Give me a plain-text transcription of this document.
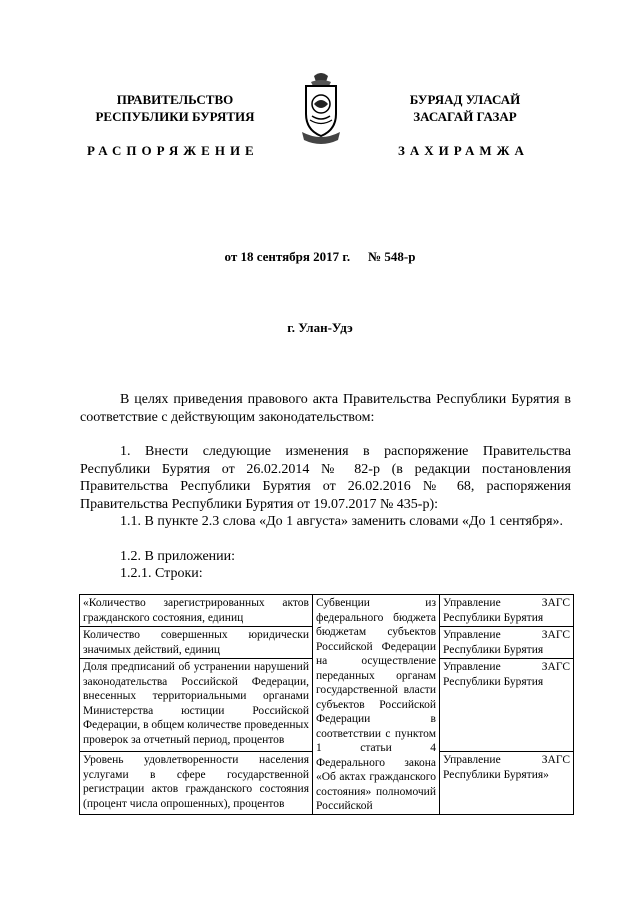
ПРАВИТЕЛЬСТВО
РЕСПУБЛИКИ БУРЯТИЯ
БУРЯАД УЛАСАЙ
ЗАСАГАЙ ГАЗАР
РАСПОРЯЖЕНИЕ	ЗАХИРАМЖА
от 18 сентября 2017 г. № 548-р
г. Улан-Удэ
В целях приведения правового акта Правительства Республики Бурятия в соответствие с действующим законодательством:
1. Внести следующие изменения в распоряжение Правительства Республики Бурятия от 26.02.2014 № 82-р (в редакции постановления Правительства Республики Бурятия от 26.02.2016 № 68, распоряжения Правительства Республики Бурятия от 19.07.2017 № 435-р):
1.1. В пункте 2.3 слова «До 1 августа» заменить словами «До 1 сентября».
1.2. В приложении:
1.2.1. Строки:
«Количество зарегистрированных актов гражданского состояния, единиц	Субвенции из федерального бюджета бюджетам субъектов Российской Федерации на осуществление переданных органам государственной власти субъектов Российской Федерации в соответствии с пунктом 1 статьи 4 Федерального закона «Об актах гражданского состояния» полномочий Российской	Управление ЗАГС Республики Бурятия
Количество совершенных юридически значимых действий, единиц		Управление ЗАГС Республики Бурятия
Доля предписаний об устранении нарушений законодательства Российской Федерации, внесенных территориальными органами Министерства юстиции Российской Федерации, в общем количестве проведенных проверок за отчетный период, процентов		Управление ЗАГС Республики Бурятия
Уровень удовлетворенности населения услугами в сфере государственной регистрации актов гражданского состояния (процент числа опрошенных), процентов		Управление ЗАГС Республики Бурятия»
